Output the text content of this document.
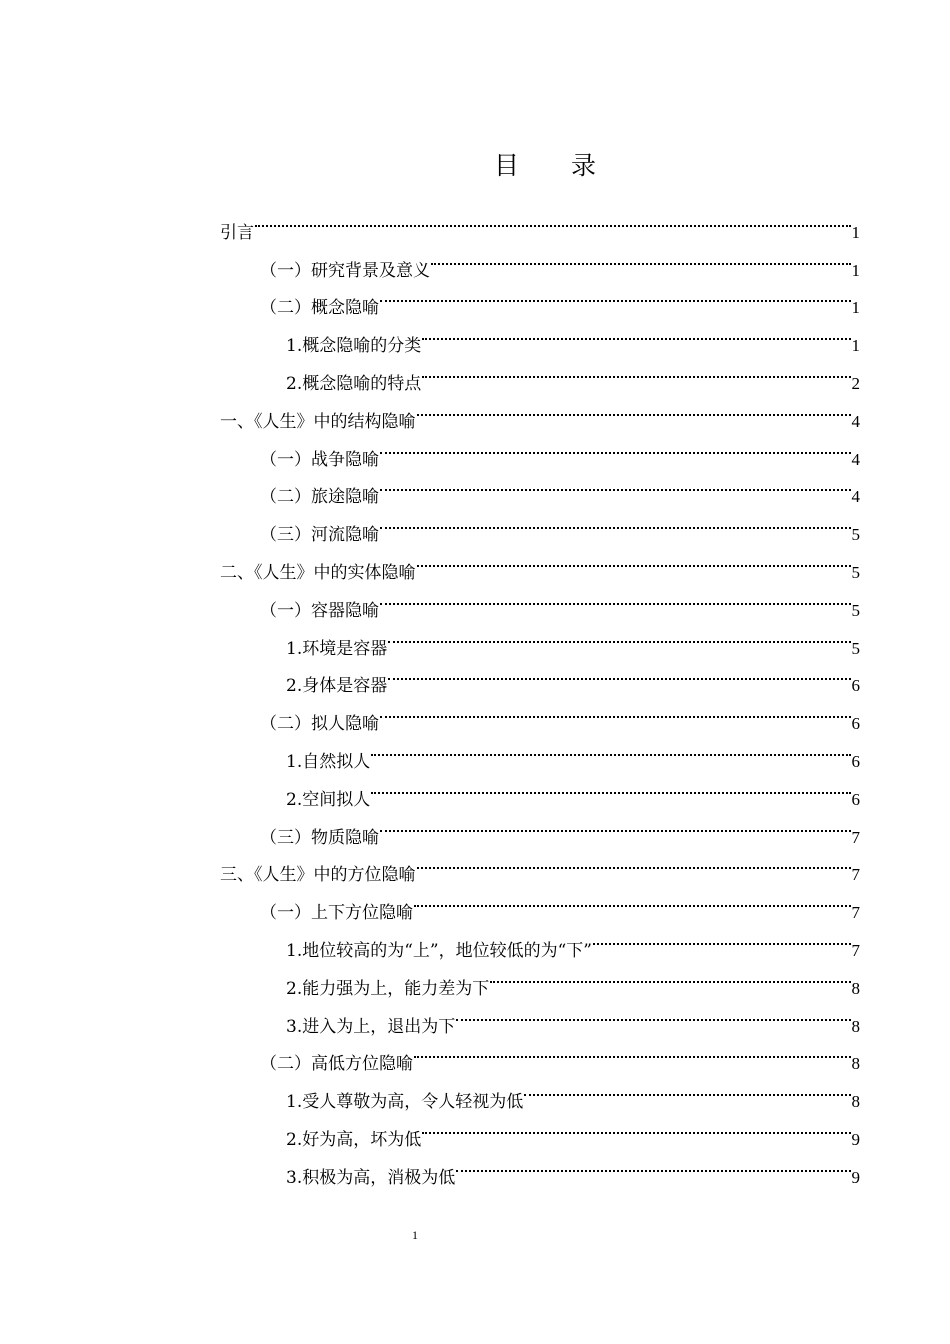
目 录
引言	1
（一）研究背景及意义	1
（二）概念隐喻	1
1.概念隐喻的分类	1
2.概念隐喻的特点	2
一、《人生》中的结构隐喻	4
（一）战争隐喻	4
（二）旅途隐喻	4
（三）河流隐喻	5
二、《人生》中的实体隐喻	5
（一）容器隐喻	5
1.环境是容器	5
2.身体是容器	6
（二）拟人隐喻	6
1.自然拟人	6
2.空间拟人	6
（三）物质隐喻	7
三、《人生》中的方位隐喻	7
（一）上下方位隐喻	7
1.地位较高的为“上”，地位较低的为“下”	7
2.能力强为上，能力差为下	8
3.进入为上，退出为下	8
（二）高低方位隐喻	8
1.受人尊敬为高，令人轻视为低	8
2.好为高，坏为低	9
3.积极为高，消极为低	9
1
